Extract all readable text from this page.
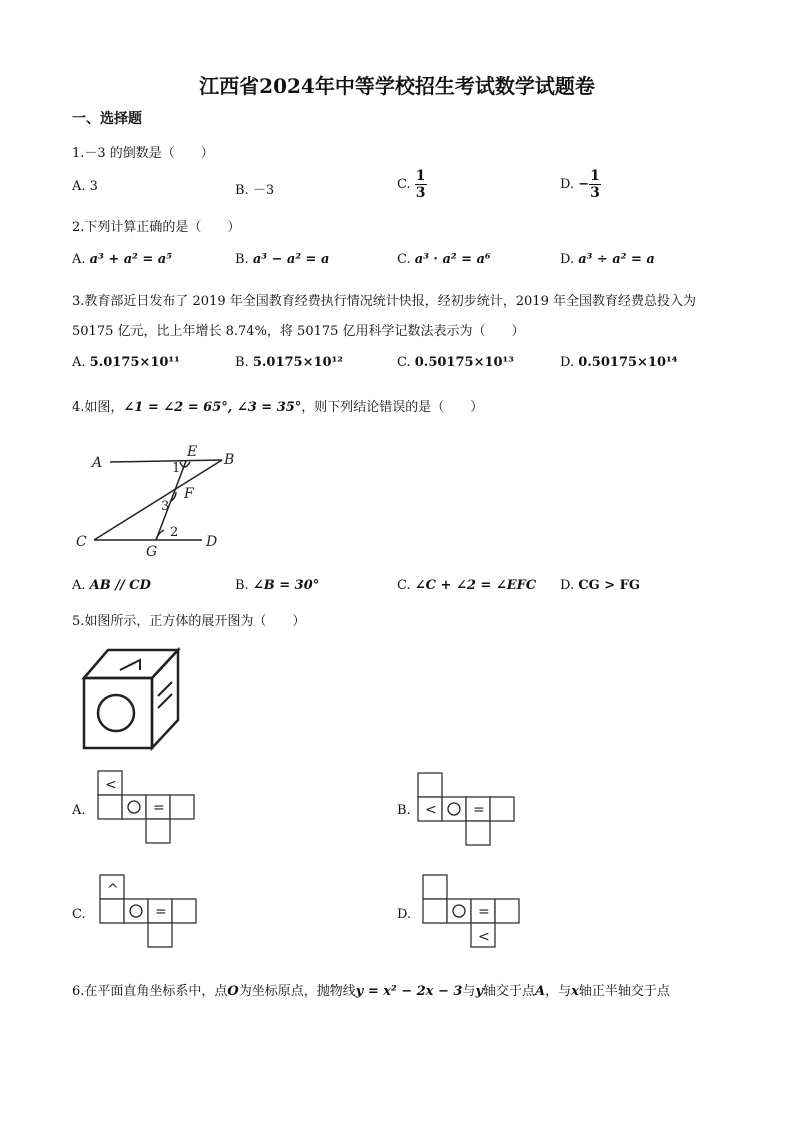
江西省2024年中等学校招生考试数学试题卷
一、选择题
1.－3 的倒数是（　　）
A. 3	B. －3	C. $\frac{1}{3}$	D. − $\frac{1}{3}$
2.下列计算正确的是（　　）
A. a³ + a² = a⁵	B. a³ − a² = a	C. a³ · a² = a⁶	D. a³ ÷ a² = a
3.教育部近日发布了 2019 年全国教育经费执行情况统计快报，经初步统计，2019 年全国教育经费总投入为
50175 亿元，比上年增长 8.74%，将 50175 亿用科学记数法表示为（　　）
A. 5.0175×10¹¹	B. 5.0175×10¹²	C. 0.50175×10¹³	D. 0.50175×10¹⁴
4.如图，∠1 = ∠2 = 65°, ∠3 = 35°，则下列结论错误的是（　　）
A	B
C	D
E
F
G
1
3
2
A. AB // CD	B. ∠B = 30°	C. ∠C + ∠2 = ∠EFC D. CG > FG
5.如图所示，正方体的展开图为（　　）
A.
<
=	B. <	=
C.
^
=	D.	=
<
6.在平面直角坐标系中，点O为坐标原点，抛物线y = x² − 2x − 3与y轴交于点A，与x轴正半轴交于点
